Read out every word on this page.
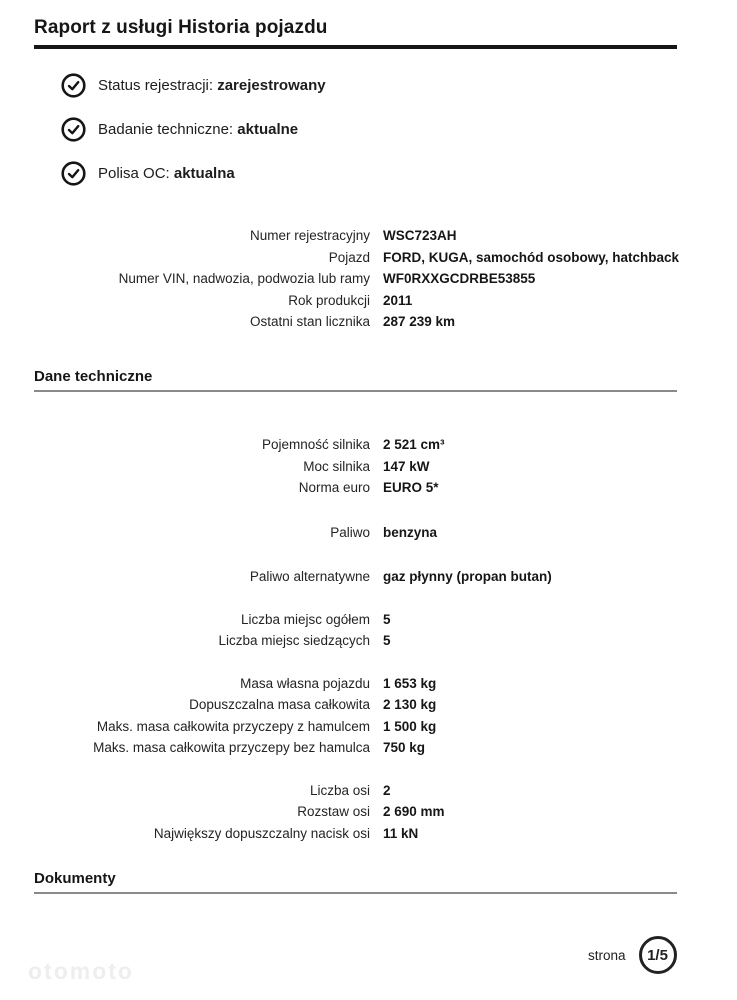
Raport z usługi Historia pojazdu
Status rejestracji: zarejestrowany
Badanie techniczne: aktualne
Polisa OC: aktualna
Numer rejestracyjny WSC723AH
Pojazd FORD, KUGA, samochód osobowy, hatchback
Numer VIN, nadwozia, podwozia lub ramy WF0RXXGCDRBE53855
Rok produkcji 2011
Ostatni stan licznika 287 239 km
Dane techniczne
Pojemność silnika 2 521 cm³
Moc silnika 147 kW
Norma euro EURO 5*
Paliwo benzyna
Paliwo alternatywne gaz płynny (propan butan)
Liczba miejsc ogółem 5
Liczba miejsc siedzących 5
Masa własna pojazdu 1 653 kg
Dopuszczalna masa całkowita 2 130 kg
Maks. masa całkowita przyczepy z hamulcem 1 500 kg
Maks. masa całkowita przyczepy bez hamulca 750 kg
Liczba osi 2
Rozstaw osi 2 690 mm
Największy dopuszczalny nacisk osi 11 kN
Dokumenty
strona	1/5
otomoto
